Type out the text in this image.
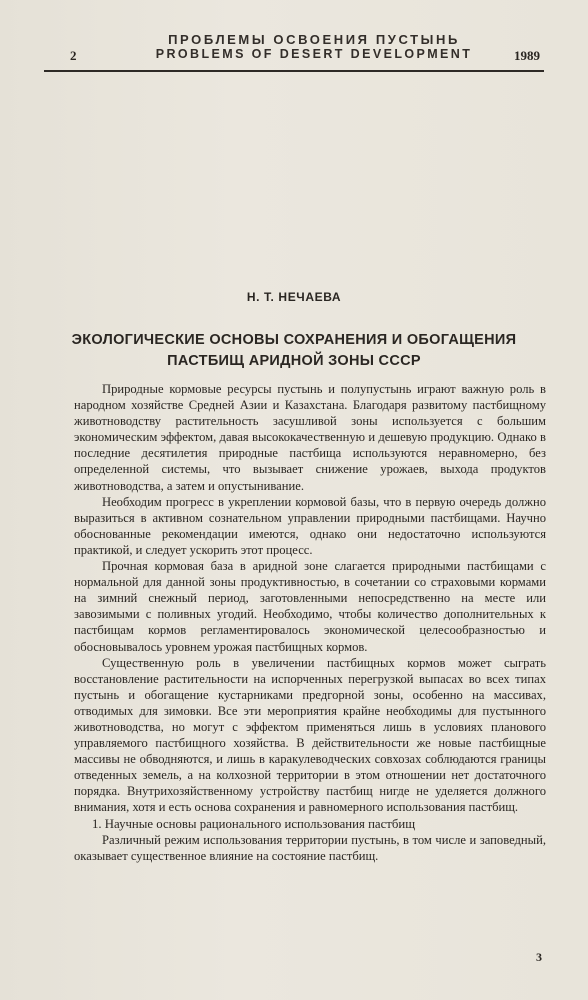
ПРОБЛЕМЫ ОСВОЕНИЯ ПУСТЫНЬ
PROBLEMS OF DESERT DEVELOPMENT
2	1989
Н. Т. НЕЧАЕВА
ЭКОЛОГИЧЕСКИЕ ОСНОВЫ СОХРАНЕНИЯ И ОБОГАЩЕНИЯ
ПАСТБИЩ АРИДНОЙ ЗОНЫ СССР

Природные кормовые ресурсы пустынь и полупустынь играют важную роль в народном хозяйстве Средней Азии и Казахстана. Благодаря развитому пастбищному животноводству растительность засушливой зоны используется с большим экономическим эффектом, давая высококачественную и дешевую продукцию. Однако в последние десятилетия природные пастбища используются неравномерно, без определенной системы, что вызывает снижение урожаев, выхода продуктов животноводства, а затем и опустынивание.

Необходим прогресс в укреплении кормовой базы, что в первую очередь должно выразиться в активном сознательном управлении природными пастбищами. Научно обоснованные рекомендации имеются, однако они недостаточно используются практикой, и следует ускорить этот процесс.

Прочная кормовая база в аридной зоне слагается природными пастбищами с нормальной для данной зоны продуктивностью, в сочетании со страховыми кормами на зимний снежный период, заготовленными непосредственно на месте или завозимыми с поливных угодий. Необходимо, чтобы количество дополнительных к пастбищам кормов регламентировалось экономической целесообразностью и обосновывалось уровнем урожая пастбищных кормов.

Существенную роль в увеличении пастбищных кормов может сыграть восстановление растительности на испорченных перегрузкой выпасах во всех типах пустынь и обогащение кустарниками предгорной зоны, особенно на массивах, отводимых для зимовки. Все эти мероприятия крайне необходимы для пустынного животноводства, но могут с эффектом применяться лишь в условиях планового управляемого пастбищного хозяйства. В действительности же новые пастбищные массивы не обводняются, и лишь в каракулеводческих совхозах соблюдаются границы отведенных земель, а на колхозной территории в этом отношении нет достаточного порядка. Внутрихозяйственному устройству пастбищ нигде не уделяется должного внимания, хотя и есть основа сохранения и равномерного использования пастбищ.

1. Научные основы рационального использования пастбищ

Различный режим использования территории пустынь, в том числе и заповедный, оказывает существенное влияние на состояние пастбищ.

3
